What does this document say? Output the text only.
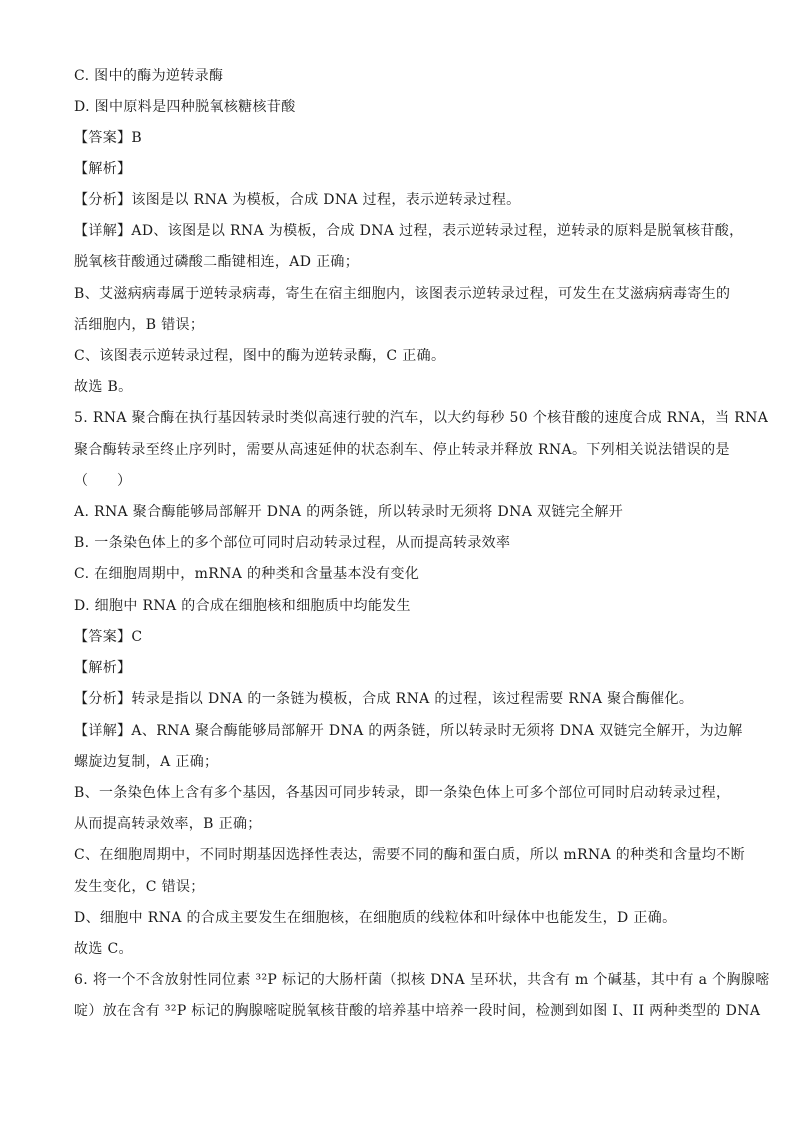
C. 图中的酶为逆转录酶
D. 图中原料是四种脱氧核糖核苷酸
【答案】B
【解析】
【分析】该图是以 RNA 为模板，合成 DNA 过程，表示逆转录过程。
【详解】AD、该图是以 RNA 为模板，合成 DNA 过程，表示逆转录过程，逆转录的原料是脱氧核苷酸，
脱氧核苷酸通过磷酸二酯键相连，AD 正确；
B、艾滋病病毒属于逆转录病毒，寄生在宿主细胞内，该图表示逆转录过程，可发生在艾滋病病毒寄生的
活细胞内，B 错误；
C、该图表示逆转录过程，图中的酶为逆转录酶，C 正确。
故选 B。
5. RNA 聚合酶在执行基因转录时类似高速行驶的汽车，以大约每秒 50 个核苷酸的速度合成 RNA，当 RNA
聚合酶转录至终止序列时，需要从高速延伸的状态刹车、停止转录并释放 RNA。下列相关说法错误的是
（　　）
A. RNA 聚合酶能够局部解开 DNA 的两条链，所以转录时无须将 DNA 双链完全解开
B. 一条染色体上的多个部位可同时启动转录过程，从而提高转录效率
C. 在细胞周期中，mRNA 的种类和含量基本没有变化
D. 细胞中 RNA 的合成在细胞核和细胞质中均能发生
【答案】C
【解析】
【分析】转录是指以 DNA 的一条链为模板，合成 RNA 的过程，该过程需要 RNA 聚合酶催化。
【详解】A、RNA 聚合酶能够局部解开 DNA 的两条链，所以转录时无须将 DNA 双链完全解开，为边解
螺旋边复制，A 正确；
B、一条染色体上含有多个基因，各基因可同步转录，即一条染色体上可多个部位可同时启动转录过程，
从而提高转录效率，B 正确；
C、在细胞周期中，不同时期基因选择性表达，需要不同的酶和蛋白质，所以 mRNA 的种类和含量均不断
发生变化，C 错误；
D、细胞中 RNA 的合成主要发生在细胞核，在细胞质的线粒体和叶绿体中也能发生，D 正确。
故选 C。
6. 将一个不含放射性同位素 ³²P 标记的大肠杆菌（拟核 DNA 呈环状，共含有 m 个碱基，其中有 a 个胸腺嘧
啶）放在含有 ³²P 标记的胸腺嘧啶脱氧核苷酸的培养基中培养一段时间，检测到如图 I、II 两种类型的 DNA
